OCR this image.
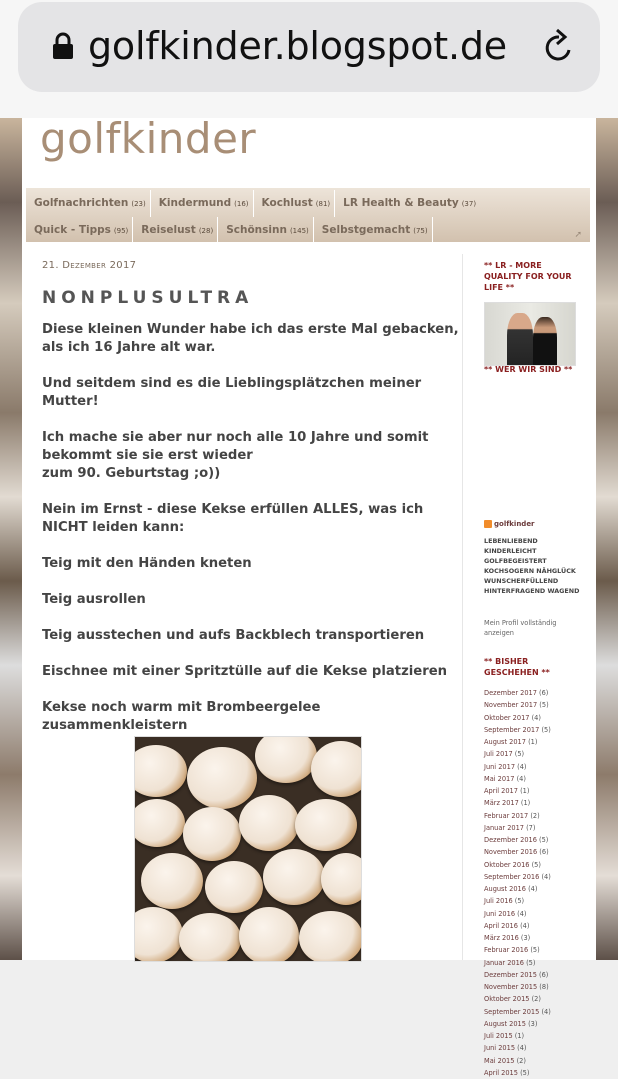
golfkinder.blogspot.de
golfkinder
Golfnachrichten (23) Kindermund (16) Kochlust (81) LR Health & Beauty (37)
Quick - Tipps (95) Reiselust (28) Schönsinn (145) Selbstgemacht (75)	➚
21. Dezember 2017
NONPLUSULTRA

Diese kleinen Wunder habe ich das erste Mal gebacken, als ich 16 Jahre alt war.

Und seitdem sind es die Lieblingsplätzchen meiner Mutter!

Ich mache sie aber nur noch alle 10 Jahre und somit bekommt sie sie erst wieder
zum 90. Geburtstag ;o))

Nein im Ernst - diese Kekse erfüllen ALLES, was ich NICHT leiden kann:

Teig mit den Händen kneten

Teig ausrollen

Teig ausstechen und aufs Backblech transportieren

Eischnee mit einer Spritztülle auf die Kekse platzieren

Kekse noch warm mit Brombeergelee zusammenkleistern

** LR - MORE QUALITY FOR YOUR LIFE **
** WER WIR SIND **
golfkinder
LEBENLIEBEND KINDERLEICHT GOLFBEGEISTERT KOCHSOGERN NÄHGLÜCK WUNSCHERFÜLLEND HINTERFRAGEND WAGEND
Mein Profil vollständig anzeigen
** BISHER GESCHEHEN **
Dezember 2017 (6)
November 2017 (5)
Oktober 2017 (4)
September 2017 (5)
August 2017 (1)
Juli 2017 (5)
Juni 2017 (4)
Mai 2017 (4)
April 2017 (1)
März 2017 (1)
Februar 2017 (2)
Januar 2017 (7)
Dezember 2016 (5)
November 2016 (6)
Oktober 2016 (5)
September 2016 (4)
August 2016 (4)
Juli 2016 (5)
Juni 2016 (4)
April 2016 (4)
März 2016 (3)
Februar 2016 (5)
Januar 2016 (5)
Dezember 2015 (6)
November 2015 (8)
Oktober 2015 (2)
September 2015 (4)
August 2015 (3)
Juli 2015 (1)
Juni 2015 (4)
Mai 2015 (2)
April 2015 (5)
